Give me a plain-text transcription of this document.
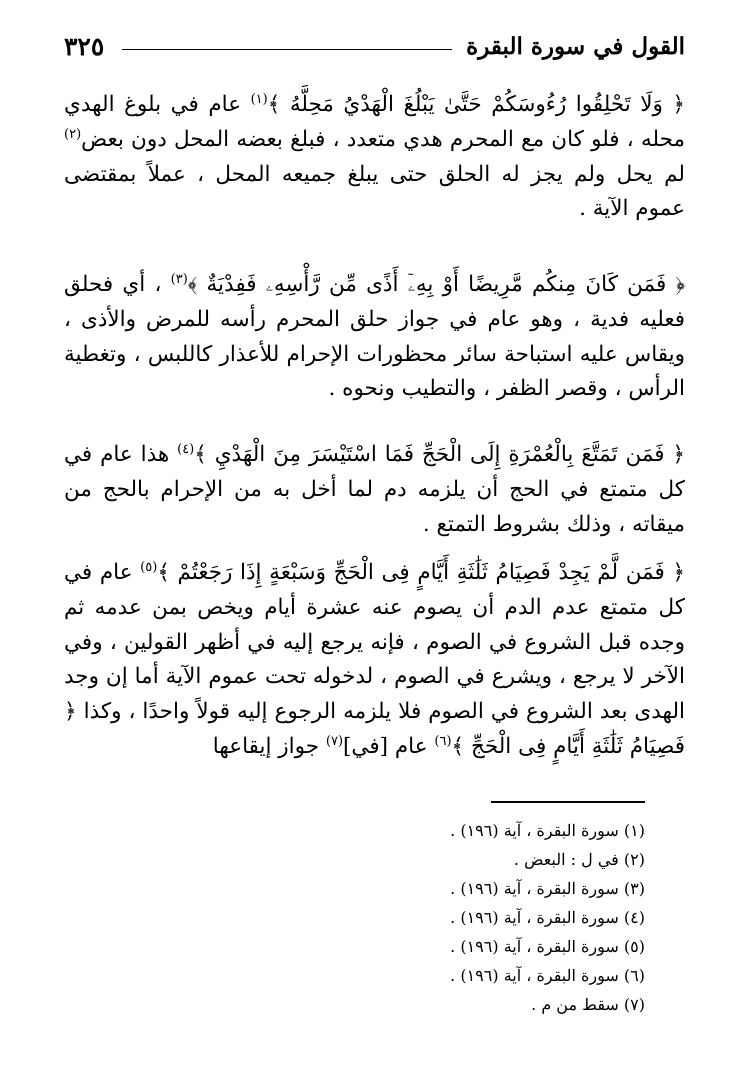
القول في سورة البقرة
٣٢٥

﴿ وَلَا تَحْلِقُوا رُءُوسَكُمْ حَتَّىٰ يَبْلُغَ الْهَدْيُ مَحِلَّهُ ﴾$^{(١)}$ عام في بلوغ الهدي محله ، فلو كان مع المحرم هدي متعدد ، فبلغ بعضه المحل دون بعض$^{(٢)}$ لم يحل ولم يجز له الحلق حتى يبلغ جميعه المحل ، عملاً بمقتضى عموم الآية .

﴿ فَمَن كَانَ مِنكُم مَّرِيضًا أَوْ بِهِۦٓ أَذًى مِّن رَّأْسِهِۦ فَفِدْيَةٌ ﴾$^{(٣)}$ ، أي فحلق فعليه فدية ، وهو عام في جواز حلق المحرم رأسه للمرض والأذى ، ويقاس عليه استباحة سائر محظورات الإحرام للأعذار كاللبس ، وتغطية الرأس ، وقصر الظفر ، والتطيب ونحوه .

﴿ فَمَن تَمَتَّعَ بِالْعُمْرَةِ إِلَى الْحَجِّ فَمَا اسْتَيْسَرَ مِنَ الْهَدْيِ ﴾$^{(٤)}$ هذا عام في كل متمتع في الحج أن يلزمه دم لما أخل به من الإحرام بالحج من ميقاته ، وذلك بشروط التمتع .

﴿ فَمَن لَّمْ يَجِدْ فَصِيَامُ ثَلَٰثَةِ أَيَّامٍ فِى الْحَجِّ وَسَبْعَةٍ إِذَا رَجَعْتُمْ ﴾$^{(٥)}$ عام في كل متمتع عدم الدم أن يصوم عنه عشرة أيام ويخص بمن عدمه ثم وجده قبل الشروع في الصوم ، فإنه يرجع إليه في أظهر القولين ، وفي الآخر لا يرجع ، ويشرع في الصوم ، لدخوله تحت عموم الآية أما إن وجد الهدى بعد الشروع في الصوم فلا يلزمه الرجوع إليه قولاً واحدًا ، وكذا ﴿ فَصِيَامُ ثَلَٰثَةِ أَيَّامٍ فِى الْحَجِّ ﴾$^{(٦)}$ عام [في]$^{(٧)}$ جواز إيقاعها

(١) سورة البقرة ، آية (١٩٦) .
(٢) في ل : البعض .
(٣) سورة البقرة ، آية (١٩٦) .
(٤) سورة البقرة ، آية (١٩٦) .
(٥) سورة البقرة ، آية (١٩٦) .
(٦) سورة البقرة ، آية (١٩٦) .
(٧) سقط من م .
